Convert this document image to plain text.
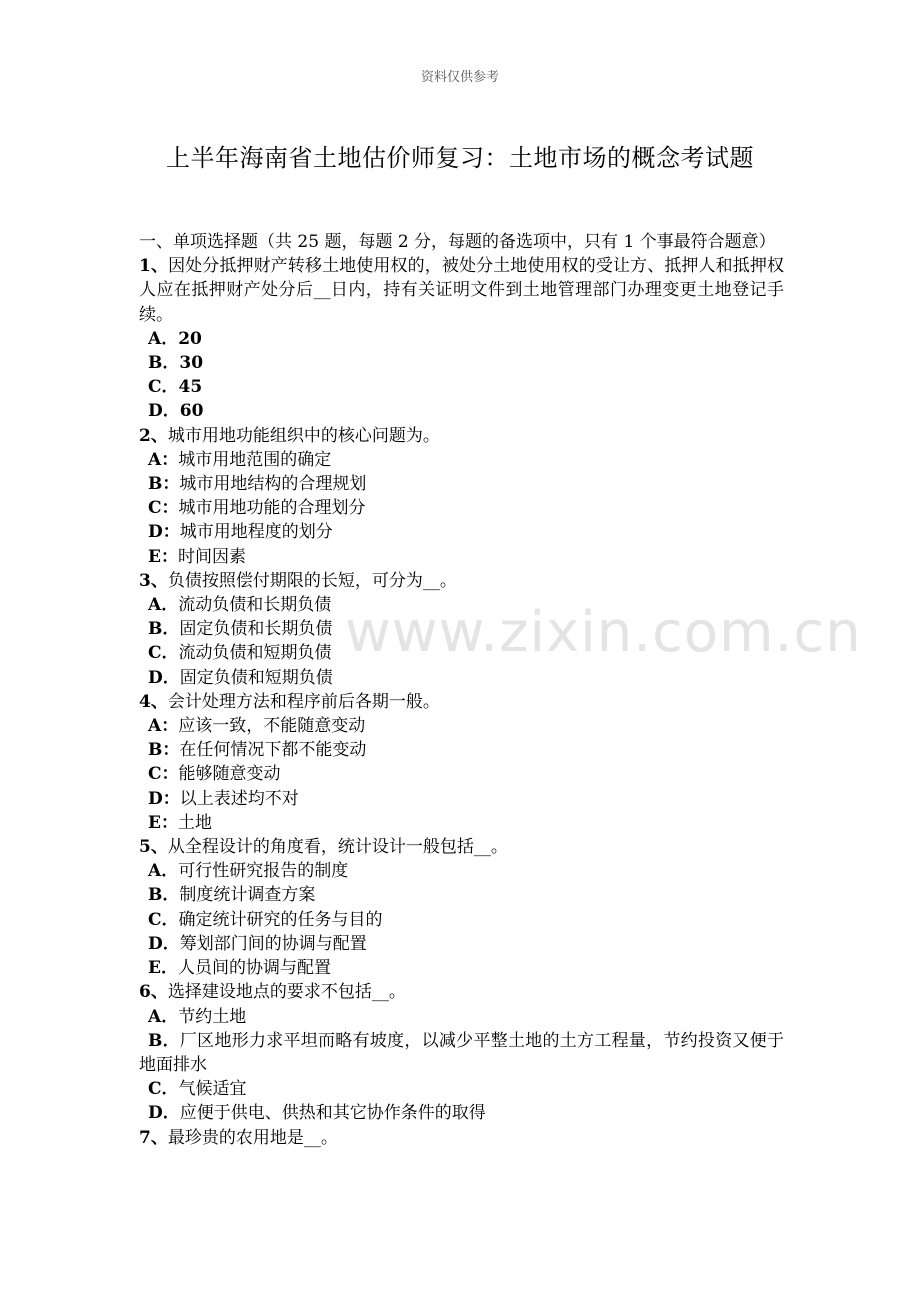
资料仅供参考
上半年海南省土地估价师复习：土地市场的概念考试题
www.zixin.com.cn

一、单项选择题（共 25 题，每题 2 分，每题的备选项中，只有 1 个事最符合题意）

1、因处分抵押财产转移土地使用权的，被处分土地使用权的受让方、抵押人和抵押权人应在抵押财产处分后__日内，持有关证明文件到土地管理部门办理变更土地登记手续。

A．20

B．30

C．45

D．60

2、城市用地功能组织中的核心问题为。

A：城市用地范围的确定

B：城市用地结构的合理规划

C：城市用地功能的合理划分

D：城市用地程度的划分

E：时间因素

3、负债按照偿付期限的长短，可分为__。

A．流动负债和长期负债

B．固定负债和长期负债

C．流动负债和短期负债

D．固定负债和短期负债

4、会计处理方法和程序前后各期一般。

A：应该一致，不能随意变动

B：在任何情况下都不能变动

C：能够随意变动

D：以上表述均不对

E：土地

5、从全程设计的角度看，统计设计一般包括__。

A．可行性研究报告的制度

B．制度统计调查方案

C．确定统计研究的任务与目的

D．筹划部门间的协调与配置

E．人员间的协调与配置

6、选择建设地点的要求不包括__。

A．节约土地

B．厂区地形力求平坦而略有坡度，以减少平整土地的土方工程量，节约投资又便于地面排水

C．气候适宜

D．应便于供电、供热和其它协作条件的取得

7、最珍贵的农用地是__。
